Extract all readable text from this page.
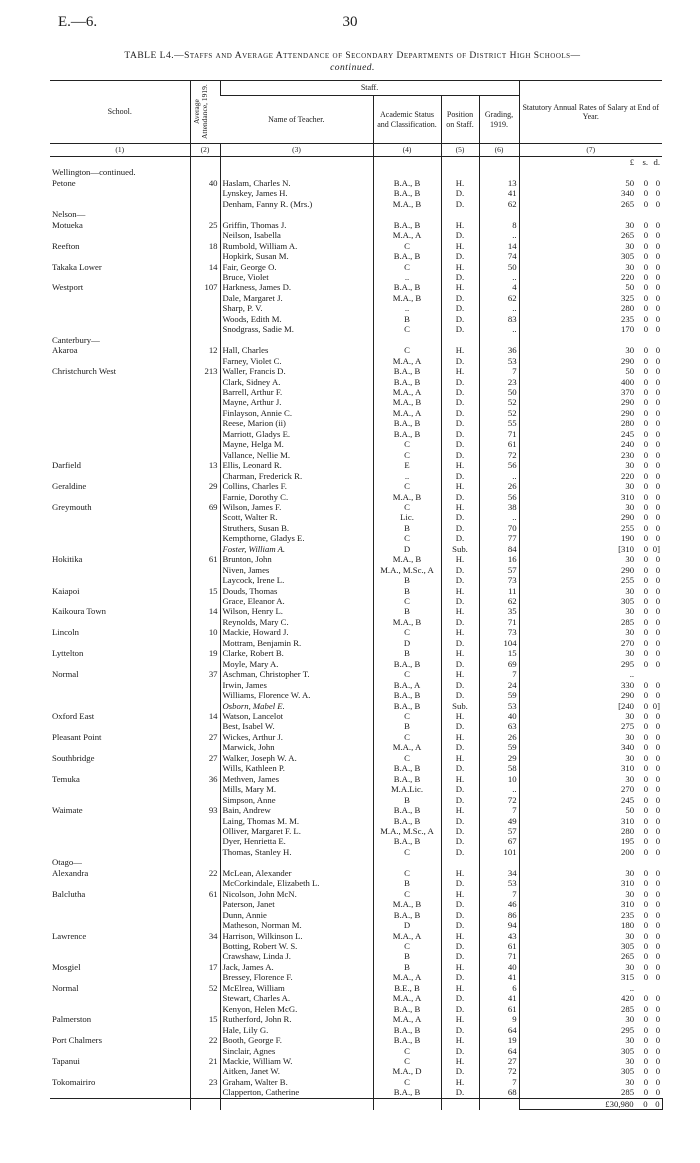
E.—6.	30
TABLE L4.—Staffs and Average Attendance of Secondary Departments of District High Schools—
continued.
School.	Average Attendance, 1919.	Staff.				Statutory Annual Rates of Salary at End of Year.
		Name of Teacher.	Academic Status and Classification.	Position on Staff.	Grading, 1919.	
(1)	(2)	(3)	(4)	(5)	(6)	(7)
						£ s. d.
Wellington—continued.						
Petone	40	Haslam, Charles N.	B.A., B	H.	13	50 0 0
		Lynskey, James H.	B.A., B	D.	41	340 0 0
		Denham, Fanny R. (Mrs.)	M.A., B	D.	62	265 0 0
Nelson—						
Motueka	25	Griffin, Thomas J.	B.A., B	H.	8	30 0 0
		Neilson, Isabella	M.A., A	D.	..	265 0 0
Reefton	18	Rumbold, William A.	C	H.	14	30 0 0
		Hopkirk, Susan M.	B.A., B	D.	74	305 0 0
Takaka Lower	14	Fair, George O.	C	H.	50	30 0 0
		Bruce, Violet	..	D.	..	220 0 0
Westport	107	Harkness, James D.	B.A., B	H.	4	50 0 0
		Dale, Margaret J.	M.A., B	D.	62	325 0 0
		Sharp, P. V.	..	D.	..	280 0 0
		Woods, Edith M.	B	D.	83	235 0 0
		Snodgrass, Sadie M.	C	D.	..	170 0 0
Canterbury—						
Akaroa	12	Hall, Charles	C	H.	36	30 0 0
		Farney, Violet C.	M.A., A	D.	53	290 0 0
Christchurch West	213	Waller, Francis D.	B.A., B	H.	7	50 0 0
		Clark, Sidney A.	B.A., B	D.	23	400 0 0
		Barrell, Arthur F.	M.A., A	D.	50	370 0 0
		Mayne, Arthur J.	M.A., B	D.	52	290 0 0
		Finlayson, Annie C.	M.A., A	D.	52	290 0 0
		Reese, Marion (ii)	B.A., B	D.	55	280 0 0
		Marriott, Gladys E.	B.A., B	D.	71	245 0 0
		Mayne, Helga M.	C	D.	61	240 0 0
		Vallance, Nellie M.	C	D.	72	230 0 0
Darfield	13	Ellis, Leonard R.	E	H.	56	30 0 0
		Charman, Frederick R.	..	D.	..	220 0 0
Geraldine	29	Collins, Charles F.	C	H.	26	30 0 0
		Farnie, Dorothy C.	M.A., B	D.	56	310 0 0
Greymouth	69	Wilson, James F.	C	H.	38	30 0 0
		Scott, Walter R.	Lic.	D.	..	290 0 0
		Struthers, Susan B.	B	D.	70	255 0 0
		Kempthorne, Gladys E.	C	D.	77	190 0 0
		Foster, William A.	D	Sub.	84	[310 0 0]
Hokitika	61	Brunton, John	M.A., B	H.	16	30 0 0
		Niven, James	M.A., M.Sc., A	D.	57	290 0 0
		Laycock, Irene L.	B	D.	73	255 0 0
Kaiapoi	15	Douds, Thomas	B	H.	11	30 0 0
		Grace, Eleanor A.	C	D.	62	305 0 0
Kaikoura Town	14	Wilson, Henry L.	B	H.	35	30 0 0
		Reynolds, Mary C.	M.A., B	D.	71	285 0 0
Lincoln	10	Mackie, Howard J.	C	H.	73	30 0 0
		Mottram, Benjamin R.	D	D.	104	270 0 0
Lyttelton	19	Clarke, Robert B.	B	H.	15	30 0 0
		Moyle, Mary A.	B.A., B	D.	69	295 0 0
Normal	37	Aschman, Christopher T.	C	H.	7	..
		Irwin, James	B.A., A	D.	24	330 0 0
		Williams, Florence W. A.	B.A., B	D.	59	290 0 0
		Osborn, Mabel E.	B.A., B	Sub.	53	[240 0 0]
Oxford East	14	Watson, Lancelot	C	H.	40	30 0 0
		Best, Isabel W.	B	D.	63	275 0 0
Pleasant Point	27	Wickes, Arthur J.	C	H.	26	30 0 0
		Marwick, John	M.A., A	D.	59	340 0 0
Southbridge	27	Walker, Joseph W. A.	C	H.	29	30 0 0
		Wills, Kathleen P.	B.A., B	D.	58	310 0 0
Temuka	36	Methven, James	B.A., B	H.	10	30 0 0
		Mills, Mary M.	M.A.Lic.	D.	..	270 0 0
		Simpson, Anne	B	D.	72	245 0 0
Waimate	93	Bain, Andrew	B.A., B	H.	7	50 0 0
		Laing, Thomas M. M.	B.A., B	D.	49	310 0 0
		Olliver, Margaret F. L.	M.A., M.Sc., A	D.	57	280 0 0
		Dyer, Henrietta E.	B.A., B	D.	67	195 0 0
		Thomas, Stanley H.	C	D.	101	200 0 0
Otago—						
Alexandra	22	McLean, Alexander	C	H.	34	30 0 0
		McCorkindale, Elizabeth L.	B	D.	53	310 0 0
Balclutha	61	Nicolson, John McN.	C	H.	7	30 0 0
		Paterson, Janet	M.A., B	D.	46	310 0 0
		Dunn, Annie	B.A., B	D.	86	235 0 0
		Matheson, Norman M.	D	D.	94	180 0 0
Lawrence	34	Harrison, Wilkinson L.	M.A., A	H.	43	30 0 0
		Botting, Robert W. S.	C	D.	61	305 0 0
		Crawshaw, Linda J.	B	D.	71	265 0 0
Mosgiel	17	Jack, James A.	B	H.	40	30 0 0
		Bressey, Florence F.	M.A., A	D.	41	315 0 0
Normal	52	McElrea, William	B.E., B	H.	6	..
		Stewart, Charles A.	M.A., A	D.	41	420 0 0
		Kenyon, Helen McG.	B.A., B	D.	61	285 0 0
Palmerston	15	Rutherford, John R.	M.A., A	H.	9	30 0 0
		Hale, Lily G.	B.A., B	D.	64	295 0 0
Port Chalmers	22	Booth, George F.	B.A., B	H.	19	30 0 0
		Sinclair, Agnes	C	D.	64	305 0 0
Tapanui	21	Mackie, William W.	C	H.	27	30 0 0
		Aitken, Janet W.	M.A., D	D.	72	305 0 0
Tokomairiro	23	Graham, Walter B.	C	H.	7	30 0 0
		Clapperton, Catherine	B.A., B	D.	68	285 0 0
						£30,980 0 0
